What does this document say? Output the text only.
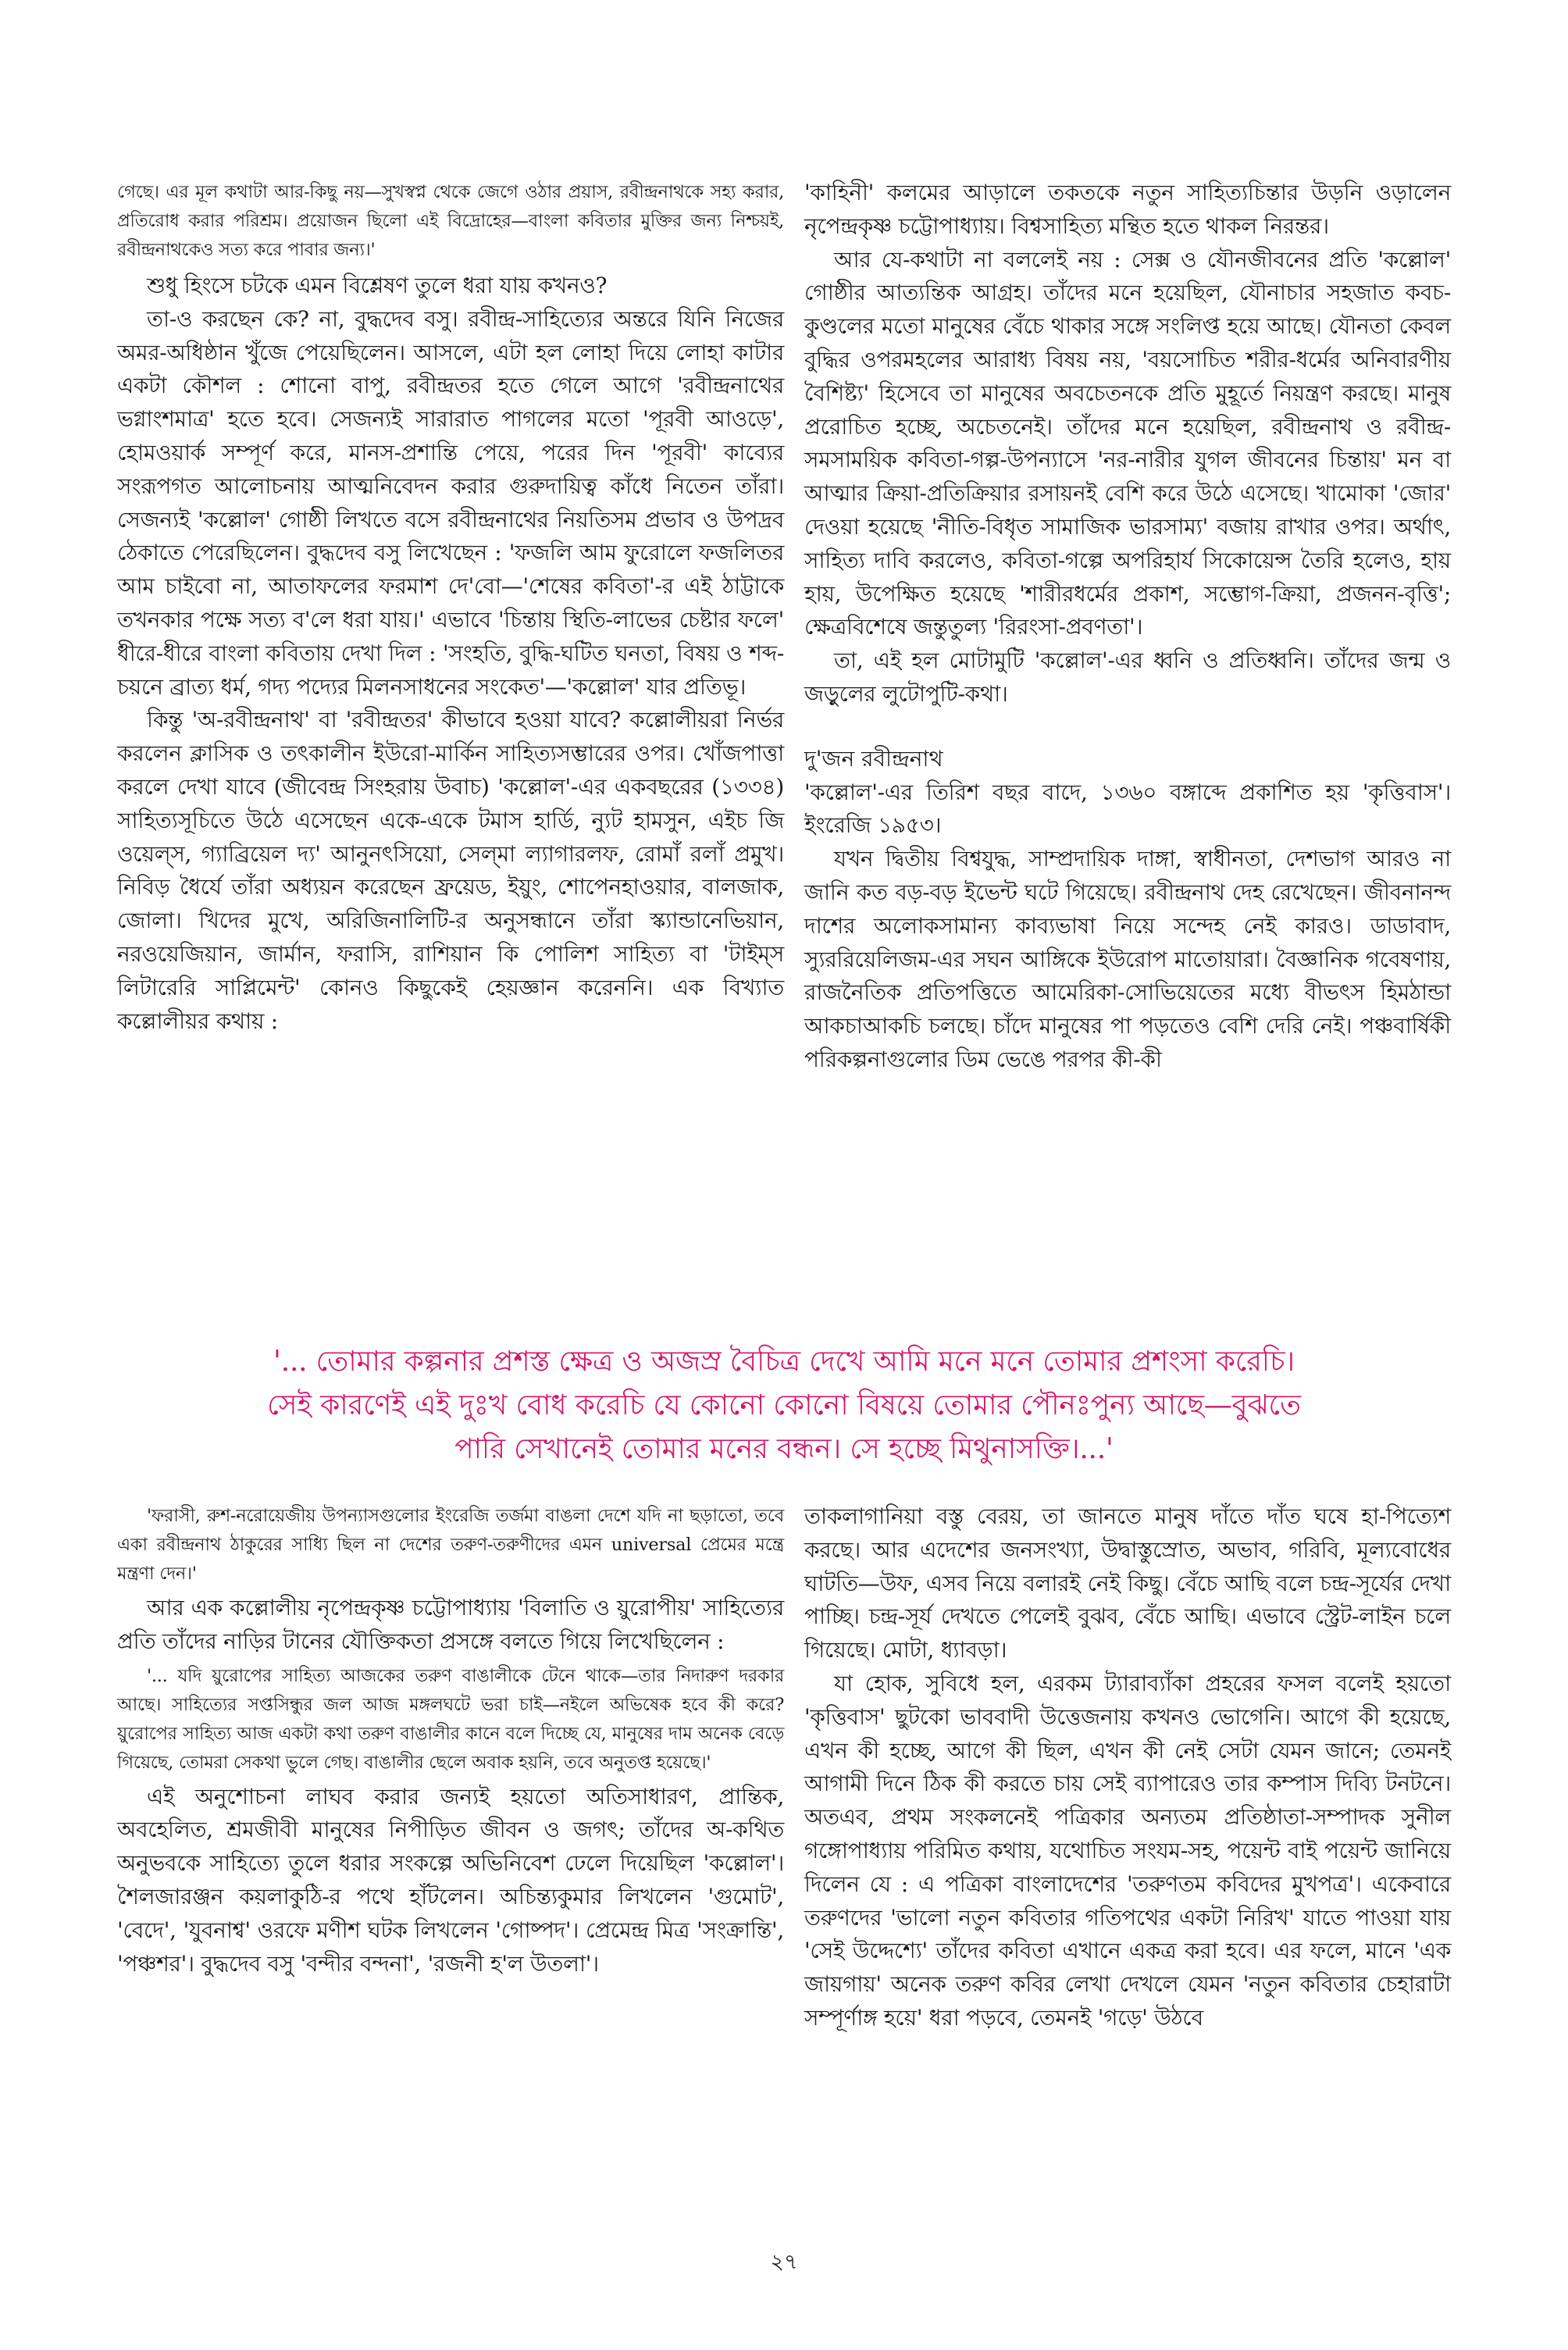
গেছে। এর মূল কথাটা আর-কিছু নয়—সুখস্বপ্ন থেকে জেগে ওঠার প্রয়াস, রবীন্দ্রনাথকে সহ্য করার, প্রতিরোধ করার পরিশ্রম। প্রয়োজন ছিলো এই বিদ্রোহের—বাংলা কবিতার মুক্তির জন্য নিশ্চয়ই, রবীন্দ্রনাথকেও সত্য করে পাবার জন্য।'

শুধু হিংসে চটকে এমন বিশ্লেষণ তুলে ধরা যায় কখনও?

তা-ও করছেন কে? না, বুদ্ধদেব বসু। রবীন্দ্র-সাহিত্যের অন্তরে যিনি নিজের অমর-অধিষ্ঠান খুঁজে পেয়েছিলেন। আসলে, এটা হল লোহা দিয়ে লোহা কাটার একটা কৌশল : শোনো বাপু, রবীন্দ্রতর হতে গেলে আগে 'রবীন্দ্রনাথের ভগ্নাংশমাত্র' হতে হবে। সেজন্যই সারারাত পাগলের মতো 'পূরবী আওড়ে', হোমওয়ার্ক সম্পূর্ণ করে, মানস-প্রশান্তি পেয়ে, পরের দিন 'পূরবী' কাব্যের সংরূপগত আলোচনায় আত্মনিবেদন করার গুরুদায়িত্ব কাঁধে নিতেন তাঁরা। সেজন্যই 'কল্লোল' গোষ্ঠী লিখতে বসে রবীন্দ্রনাথের নিয়তিসম প্রভাব ও উপদ্রব ঠেকাতে পেরেছিলেন। বুদ্ধদেব বসু লিখেছেন : 'ফজলি আম ফুরোলে ফজলিতর আম চাইবো না, আতাফলের ফরমাশ দে'বো—'শেষের কবিতা'-র এই ঠাট্টাকে তখনকার পক্ষে সত্য ব'লে ধরা যায়।' এভাবে 'চিন্তায় স্থিতি-লাভের চেষ্টার ফলে' ধীরে-ধীরে বাংলা কবিতায় দেখা দিল : 'সংহতি, বুদ্ধি-ঘটিত ঘনতা, বিষয় ও শব্দ-চয়নে ব্রাত্য ধর্ম, গদ্য পদ্যের মিলনসাধনের সংকেত'—'কল্লোল' যার প্রতিভূ।

কিন্তু 'অ-রবীন্দ্রনাথ' বা 'রবীন্দ্রতর' কীভাবে হওয়া যাবে? কল্লোলীয়রা নির্ভর করলেন ক্লাসিক ও তৎকালীন ইউরো-মার্কিন সাহিত্যসম্ভারের ওপর। খোঁজপাত্তা করলে দেখা যাবে (জীবেন্দ্র সিংহরায় উবাচ) 'কল্লোল'-এর একবছরের (১৩৩৪) সাহিত্যসূচিতে উঠে এসেছেন একে-একে টমাস হার্ডি, ন্যুট হামসুন, এইচ জি ওয়েল্‌স, গ্যাব্রিয়েল দ্য' আনুনৎসিয়ো, সেল্‌মা ল্যাগারলফ, রোমাঁ রলাঁ প্রমুখ। নিবিড় ধৈর্যে তাঁরা অধ্যয়ন করেছেন ফ্রয়েড, ইয়ুং, শোপেনহাওয়ার, বালজাক, জোলা। খিদের মুখে, অরিজিনালিটি-র অনুসন্ধানে তাঁরা স্ক্যান্ডানেভিয়ান, নরওয়েজিয়ান, জার্মান, ফরাসি, রাশিয়ান কি পোলিশ সাহিত্য বা 'টাইম্‌স লিটারেরি সাপ্লিমেন্ট' কোনও কিছুকেই হেয়জ্ঞান করেননি। এক বিখ্যাত কল্লোলীয়র কথায় :

'কাহিনী' কলমের আড়ালে তকতকে নতুন সাহিত্যচিন্তার উড়নি ওড়ালেন নৃপেন্দ্রকৃষ্ণ চট্টোপাধ্যায়। বিশ্বসাহিত্য মন্থিত হতে থাকল নিরন্তর।

আর যে-কথাটা না বললেই নয় : সেক্স ও যৌনজীবনের প্রতি 'কল্লোল' গোষ্ঠীর আত্যন্তিক আগ্রহ। তাঁদের মনে হয়েছিল, যৌনাচার সহজাত কবচ-কুণ্ডলের মতো মানুষের বেঁচে থাকার সঙ্গে সংলিপ্ত হয়ে আছে। যৌনতা কেবল বুদ্ধির ওপরমহলের আরাধ্য বিষয় নয়, 'বয়সোচিত শরীর-ধর্মের অনিবারণীয় বৈশিষ্ট্য' হিসেবে তা মানুষের অবচেতনকে প্রতি মুহূর্তে নিয়ন্ত্রণ করছে। মানুষ প্ররোচিত হচ্ছে, অচেতনেই। তাঁদের মনে হয়েছিল, রবীন্দ্রনাথ ও রবীন্দ্র-সমসাময়িক কবিতা-গল্প-উপন্যাসে 'নর-নারীর যুগল জীবনের চিন্তায়' মন বা আত্মার ক্রিয়া-প্রতিক্রিয়ার রসায়নই বেশি করে উঠে এসেছে। খামোকা 'জোর' দেওয়া হয়েছে 'নীতি-বিধৃত সামাজিক ভারসাম্য' বজায় রাখার ওপর। অর্থাৎ, সাহিত্য দাবি করলেও, কবিতা-গল্পে অপরিহার্য সিকোয়েন্স তৈরি হলেও, হায় হায়, উপেক্ষিত হয়েছে 'শারীরধর্মের প্রকাশ, সম্ভোগ-ক্রিয়া, প্রজনন-বৃত্তি'; ক্ষেত্রবিশেষে জন্তুতুল্য 'রিরংসা-প্রবণতা'।

তা, এই হল মোটামুটি 'কল্লোল'-এর ধ্বনি ও প্রতিধ্বনি। তাঁদের জন্ম ও জড়ুলের লুটোপুটি-কথা।

দু'জন রবীন্দ্রনাথ

'কল্লোল'-এর তিরিশ বছর বাদে, ১৩৬০ বঙ্গাব্দে প্রকাশিত হয় 'কৃত্তিবাস'। ইংরেজি ১৯৫৩।

যখন দ্বিতীয় বিশ্বযুদ্ধ, সাম্প্রদায়িক দাঙ্গা, স্বাধীনতা, দেশভাগ আরও না জানি কত বড়-বড় ইভেন্ট ঘটে গিয়েছে। রবীন্দ্রনাথ দেহ রেখেছেন। জীবনানন্দ দাশের অলোকসামান্য কাব্যভাষা নিয়ে সন্দেহ নেই কারও। ডাডাবাদ, স্যুররিয়েলিজম-এর সঘন আঙ্গিকে ইউরোপ মাতোয়ারা। বৈজ্ঞানিক গবেষণায়, রাজনৈতিক প্রতিপত্তিতে আমেরিকা-সোভিয়েতের মধ্যে বীভৎস হিমঠান্ডা আকচাআকচি চলছে। চাঁদে মানুষের পা পড়তেও বেশি দেরি নেই। পঞ্চবার্ষিকী পরিকল্পনাগুলোর ডিম ভেঙে পরপর কী-কী

'... তোমার কল্পনার প্রশস্ত ক্ষেত্র ও অজস্র বৈচিত্র দেখে আমি মনে মনে তোমার প্রশংসা করেচি।

সেই কারণেই এই দুঃখ বোধ করেচি যে কোনো কোনো বিষয়ে তোমার পৌনঃপুন্য আছে—বুঝতে

পারি সেখানেই তোমার মনের বন্ধন। সে হচ্ছে মিথুনাসক্তি।...'

'ফরাসী, রুশ-নরোয়েজীয় উপন্যাসগুলোর ইংরেজি তর্জমা বাঙলা দেশে যদি না ছড়াতো, তবে একা রবীন্দ্রনাথ ঠাকুরের সাধ্যি ছিল না দেশের তরুণ-তরুণীদের এমন universal প্রেমের মন্ত্রে মন্ত্রণা দেন।'

আর এক কল্লোলীয় নৃপেন্দ্রকৃষ্ণ চট্টোপাধ্যায় 'বিলাতি ও য়ুরোপীয়' সাহিত্যের প্রতি তাঁদের নাড়ির টানের যৌক্তিকতা প্রসঙ্গে বলতে গিয়ে লিখেছিলেন :

'... যদি য়ুরোপের সাহিত্য আজকের তরুণ বাঙালীকে টেনে থাকে—তার নিদারুণ দরকার আছে। সাহিত্যের সপ্তসিন্ধুর জল আজ মঙ্গলঘটে ভরা চাই—নইলে অভিষেক হবে কী করে? য়ুরোপের সাহিত্য আজ একটা কথা তরুণ বাঙালীর কানে বলে দিচ্ছে যে, মানুষের দাম অনেক বেড়ে গিয়েছে, তোমরা সেকথা ভুলে গেছ। বাঙালীর ছেলে অবাক হয়নি, তবে অনুতপ্ত হয়েছে।'

এই অনুশোচনা লাঘব করার জন্যই হয়তো অতিসাধারণ, প্রান্তিক, অবহেলিত, শ্রমজীবী মানুষের নিপীড়িত জীবন ও জগৎ; তাঁদের অ-কথিত অনুভবকে সাহিত্যে তুলে ধরার সংকল্পে অভিনিবেশ ঢেলে দিয়েছিল 'কল্লোল'। শৈলজারঞ্জন কয়লাকুঠি-র পথে হাঁটলেন। অচিন্ত্যকুমার লিখলেন 'গুমোট', 'বেদে', 'যুবনাশ্ব' ওরফে মণীশ ঘটক লিখলেন 'গোষ্পদ'। প্রেমেন্দ্র মিত্র 'সংক্রান্তি', 'পঞ্চশর'। বুদ্ধদেব বসু 'বন্দীর বন্দনা', 'রজনী হ'ল উতলা'।

তাকলাগানিয়া বস্তু বেরয়, তা জানতে মানুষ দাঁতে দাঁত ঘষে হা-পিত্যেশ করছে। আর এদেশের জনসংখ্যা, উদ্বাস্তুস্রোত, অভাব, গরিবি, মূল্যবোধের ঘাটতি—উফ, এসব নিয়ে বলারই নেই কিছু। বেঁচে আছি বলে চন্দ্র-সূর্যের দেখা পাচ্ছি। চন্দ্র-সূর্য দেখতে পেলেই বুঝব, বেঁচে আছি। এভাবে স্ট্রেট-লাইন চলে গিয়েছে। মোটা, ধ্যাবড়া।

যা হোক, সুবিধে হল, এরকম ট্যারাব্যাঁকা প্রহরের ফসল বলেই হয়তো 'কৃত্তিবাস' ছুটকো ভাববাদী উত্তেজনায় কখনও ভোগেনি। আগে কী হয়েছে, এখন কী হচ্ছে, আগে কী ছিল, এখন কী নেই সেটা যেমন জানে; তেমনই আগামী দিনে ঠিক কী করতে চায় সেই ব্যাপারেও তার কম্পাস দিব্যি টনটনে। অতএব, প্রথম সংকলনেই পত্রিকার অন্যতম প্রতিষ্ঠাতা-সম্পাদক সুনীল গঙ্গোপাধ্যায় পরিমিত কথায়, যথোচিত সংযম-সহ, পয়েন্ট বাই পয়েন্ট জানিয়ে দিলেন যে : এ পত্রিকা বাংলাদেশের 'তরুণতম কবিদের মুখপত্র'। একেবারে তরুণদের 'ভালো নতুন কবিতার গতিপথের একটা নিরিখ' যাতে পাওয়া যায় 'সেই উদ্দেশ্যে' তাঁদের কবিতা এখানে একত্র করা হবে। এর ফলে, মানে 'এক জায়গায়' অনেক তরুণ কবির লেখা দেখলে যেমন 'নতুন কবিতার চেহারাটা সম্পূর্ণাঙ্গ হয়ে' ধরা পড়বে, তেমনই 'গড়ে' উঠবে

২৭
